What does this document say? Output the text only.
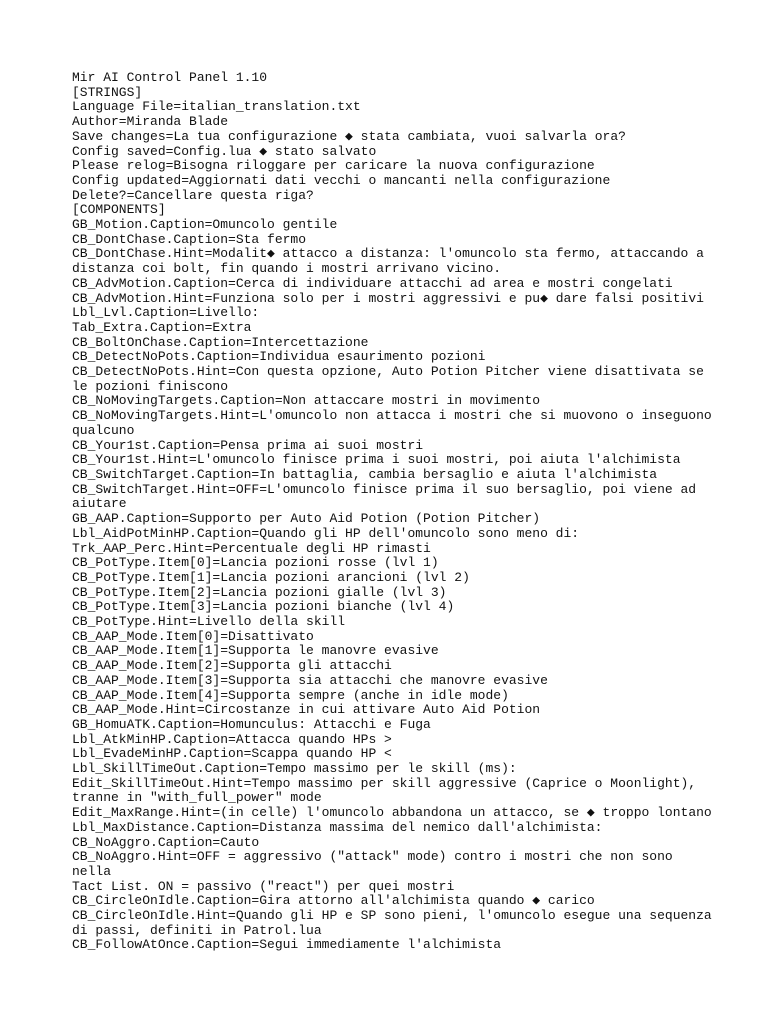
Mir AI Control Panel 1.10
[STRINGS]
Language File=italian_translation.txt
Author=Miranda Blade
Save changes=La tua configurazione ◆ stata cambiata, vuoi salvarla ora?
Config saved=Config.lua ◆ stato salvato
Please relog=Bisogna riloggare per caricare la nuova configurazione
Config updated=Aggiornati dati vecchi o mancanti nella configurazione
Delete?=Cancellare questa riga?
[COMPONENTS]
GB_Motion.Caption=Omuncolo gentile
CB_DontChase.Caption=Sta fermo
CB_DontChase.Hint=Modalit◆ attacco a distanza: l'omuncolo sta fermo, attaccando a
distanza coi bolt, fin quando i mostri arrivano vicino.
CB_AdvMotion.Caption=Cerca di individuare attacchi ad area e mostri congelati
CB_AdvMotion.Hint=Funziona solo per i mostri aggressivi e pu◆ dare falsi positivi
Lbl_Lvl.Caption=Livello:
Tab_Extra.Caption=Extra
CB_BoltOnChase.Caption=Intercettazione
CB_DetectNoPots.Caption=Individua esaurimento pozioni
CB_DetectNoPots.Hint=Con questa opzione, Auto Potion Pitcher viene disattivata se
le pozioni finiscono
CB_NoMovingTargets.Caption=Non attaccare mostri in movimento
CB_NoMovingTargets.Hint=L'omuncolo non attacca i mostri che si muovono o inseguono
qualcuno
CB_Your1st.Caption=Pensa prima ai suoi mostri
CB_Your1st.Hint=L'omuncolo finisce prima i suoi mostri, poi aiuta l'alchimista
CB_SwitchTarget.Caption=In battaglia, cambia bersaglio e aiuta l'alchimista
CB_SwitchTarget.Hint=OFF=L'omuncolo finisce prima il suo bersaglio, poi viene ad
aiutare
GB_AAP.Caption=Supporto per Auto Aid Potion (Potion Pitcher)
Lbl_AidPotMinHP.Caption=Quando gli HP dell'omuncolo sono meno di:
Trk_AAP_Perc.Hint=Percentuale degli HP rimasti
CB_PotType.Item[0]=Lancia pozioni rosse (lvl 1)
CB_PotType.Item[1]=Lancia pozioni arancioni (lvl 2)
CB_PotType.Item[2]=Lancia pozioni gialle (lvl 3)
CB_PotType.Item[3]=Lancia pozioni bianche (lvl 4)
CB_PotType.Hint=Livello della skill
CB_AAP_Mode.Item[0]=Disattivato
CB_AAP_Mode.Item[1]=Supporta le manovre evasive
CB_AAP_Mode.Item[2]=Supporta gli attacchi
CB_AAP_Mode.Item[3]=Supporta sia attacchi che manovre evasive
CB_AAP_Mode.Item[4]=Supporta sempre (anche in idle mode)
CB_AAP_Mode.Hint=Circostanze in cui attivare Auto Aid Potion
GB_HomuATK.Caption=Homunculus: Attacchi e Fuga
Lbl_AtkMinHP.Caption=Attacca quando HPs >
Lbl_EvadeMinHP.Caption=Scappa quando HP <
Lbl_SkillTimeOut.Caption=Tempo massimo per le skill (ms):
Edit_SkillTimeOut.Hint=Tempo massimo per skill aggressive (Caprice o Moonlight),
tranne in "with_full_power" mode
Edit_MaxRange.Hint=(in celle) l'omuncolo abbandona un attacco, se ◆ troppo lontano
Lbl_MaxDistance.Caption=Distanza massima del nemico dall'alchimista:
CB_NoAggro.Caption=Cauto
CB_NoAggro.Hint=OFF = aggressivo ("attack" mode) contro i mostri che non sono nella
Tact List. ON = passivo ("react") per quei mostri
CB_CircleOnIdle.Caption=Gira attorno all'alchimista quando ◆ carico
CB_CircleOnIdle.Hint=Quando gli HP e SP sono pieni, l'omuncolo esegue una sequenza
di passi, definiti in Patrol.lua
CB_FollowAtOnce.Caption=Segui immediamente l'alchimista
